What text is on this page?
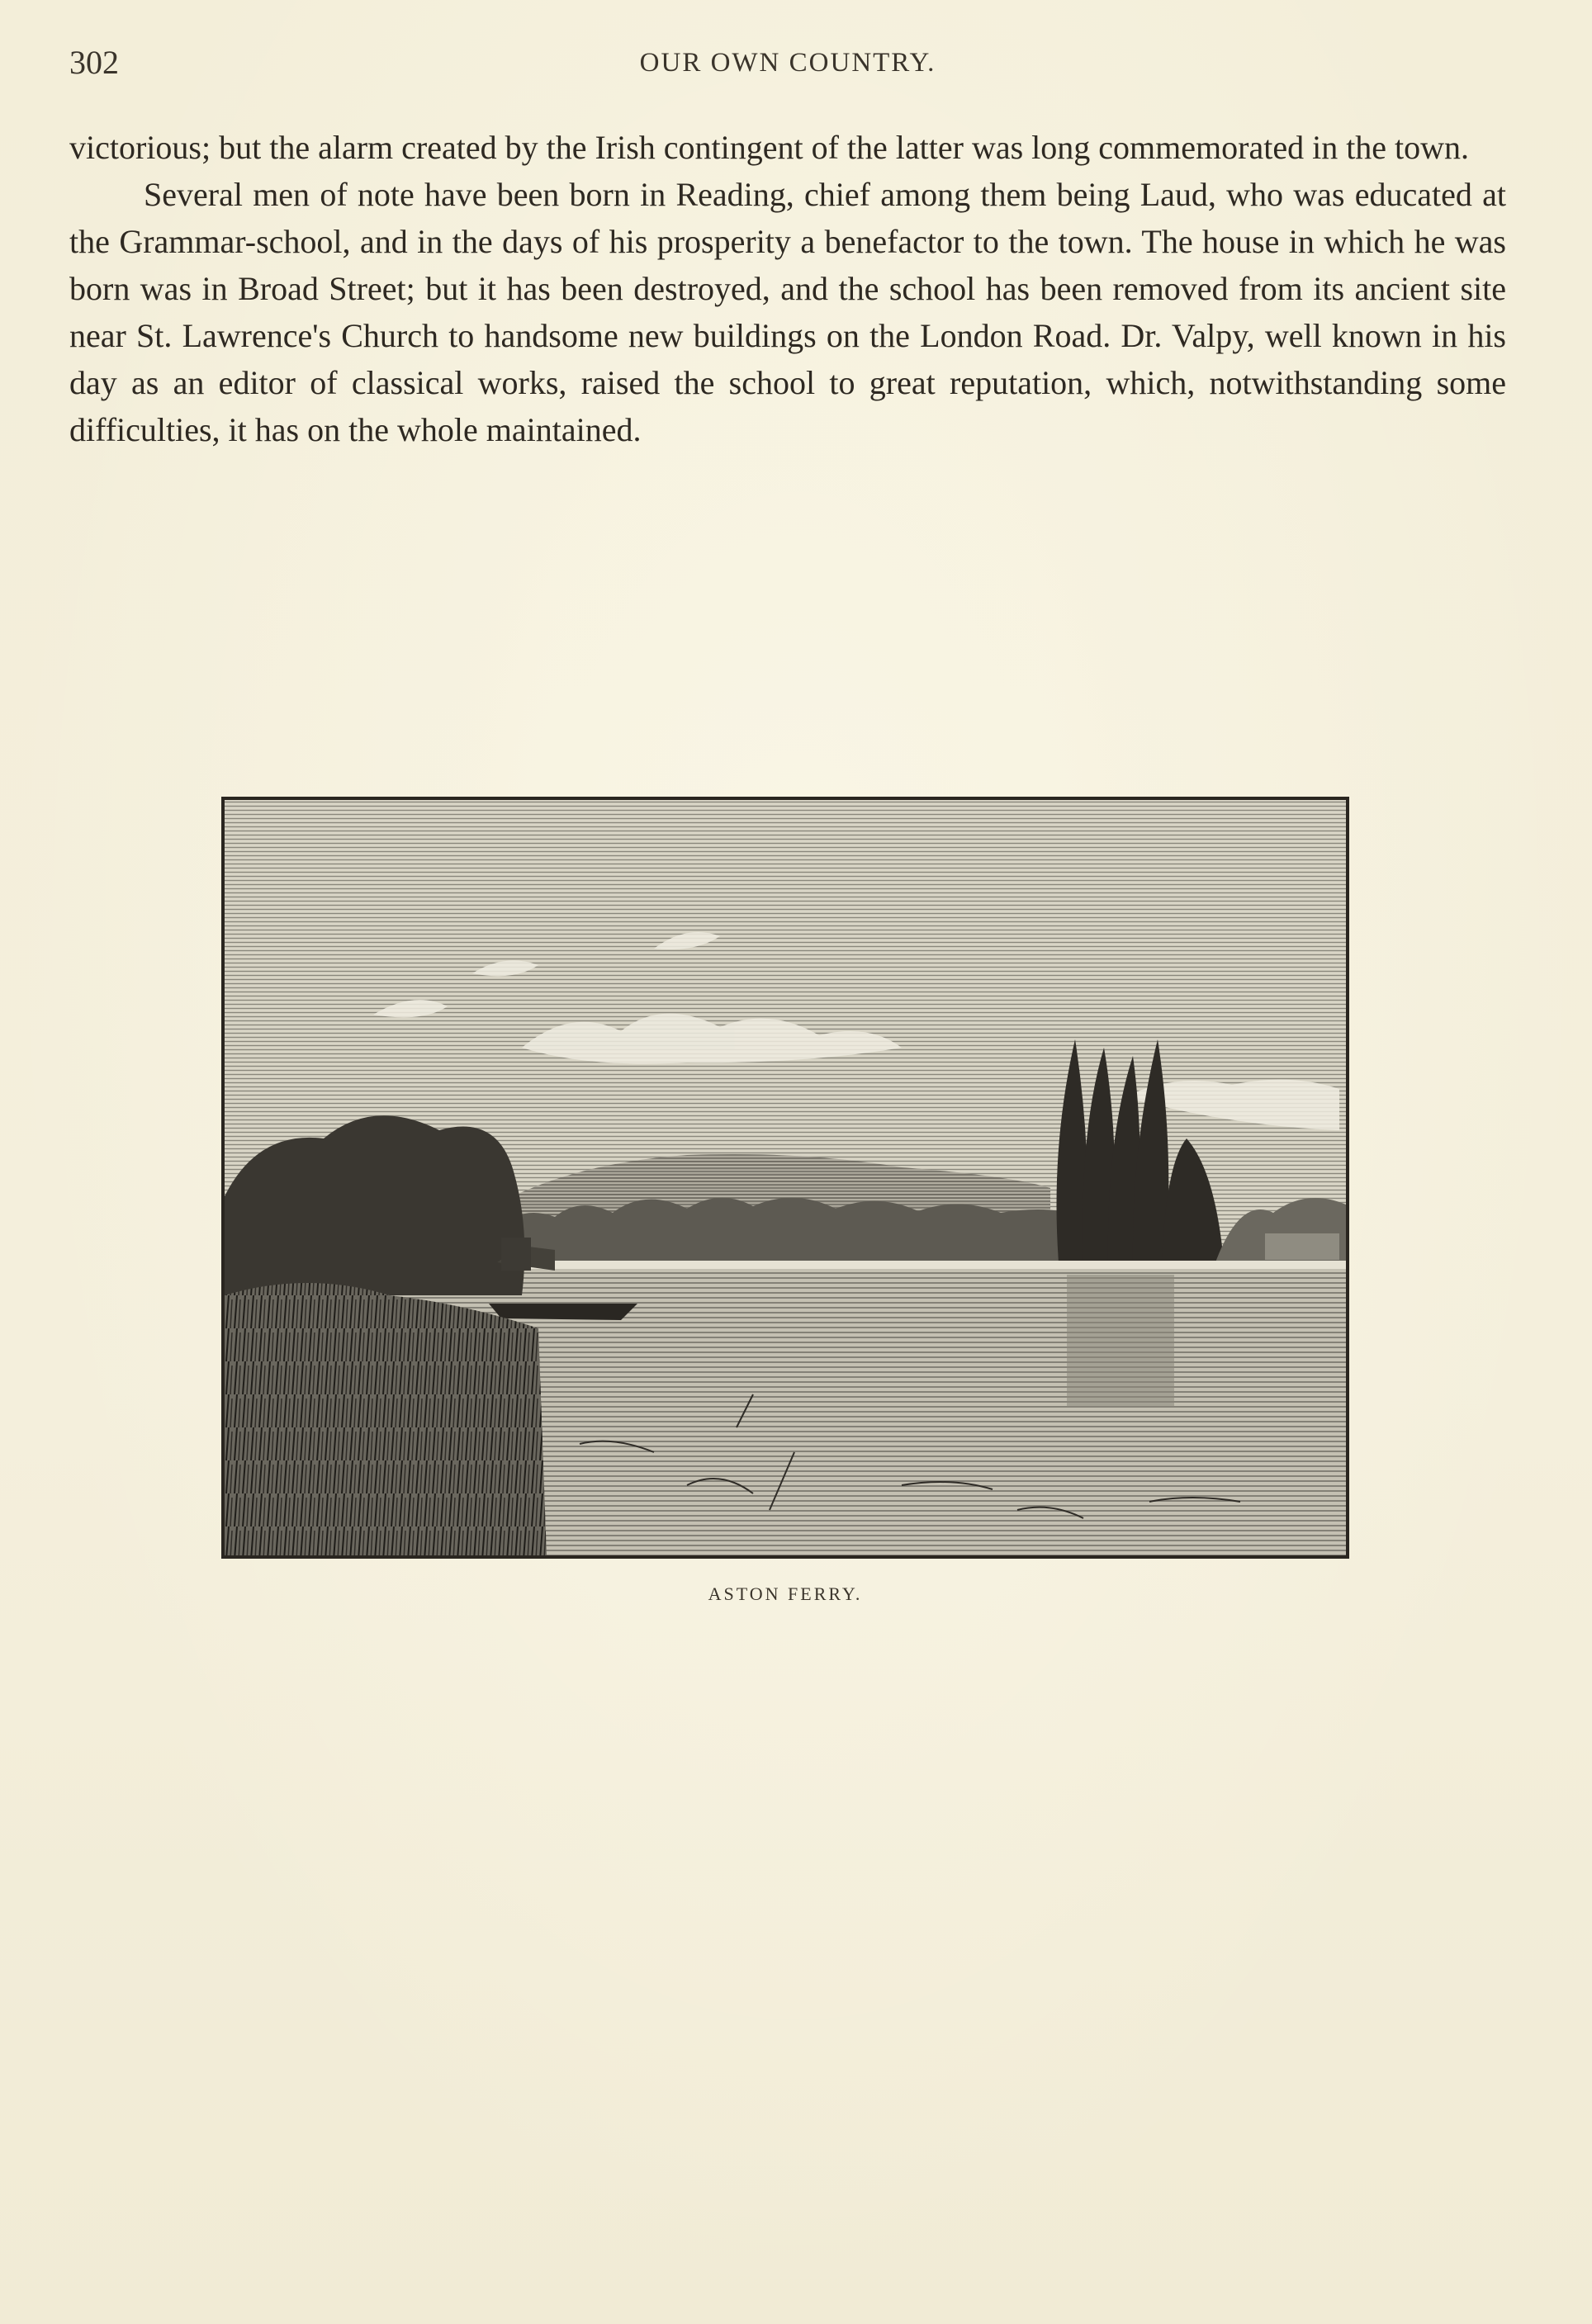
302	OUR OWN COUNTRY.

victorious; but the alarm created by the Irish contingent of the latter was long commemorated in the town.

Several men of note have been born in Reading, chief among them being Laud, who was educated at the Grammar-school, and in the days of his prosperity a benefactor to the town. The house in which he was born was in Broad Street; but it has been destroyed, and the school has been removed from its ancient site near St. Lawrence's Church to handsome new buildings on the London Road. Dr. Valpy, well known in his day as an editor of classical works, raised the school to great reputation, which, notwithstanding some difficulties, it has on the whole maintained.

ASTON FERRY.
